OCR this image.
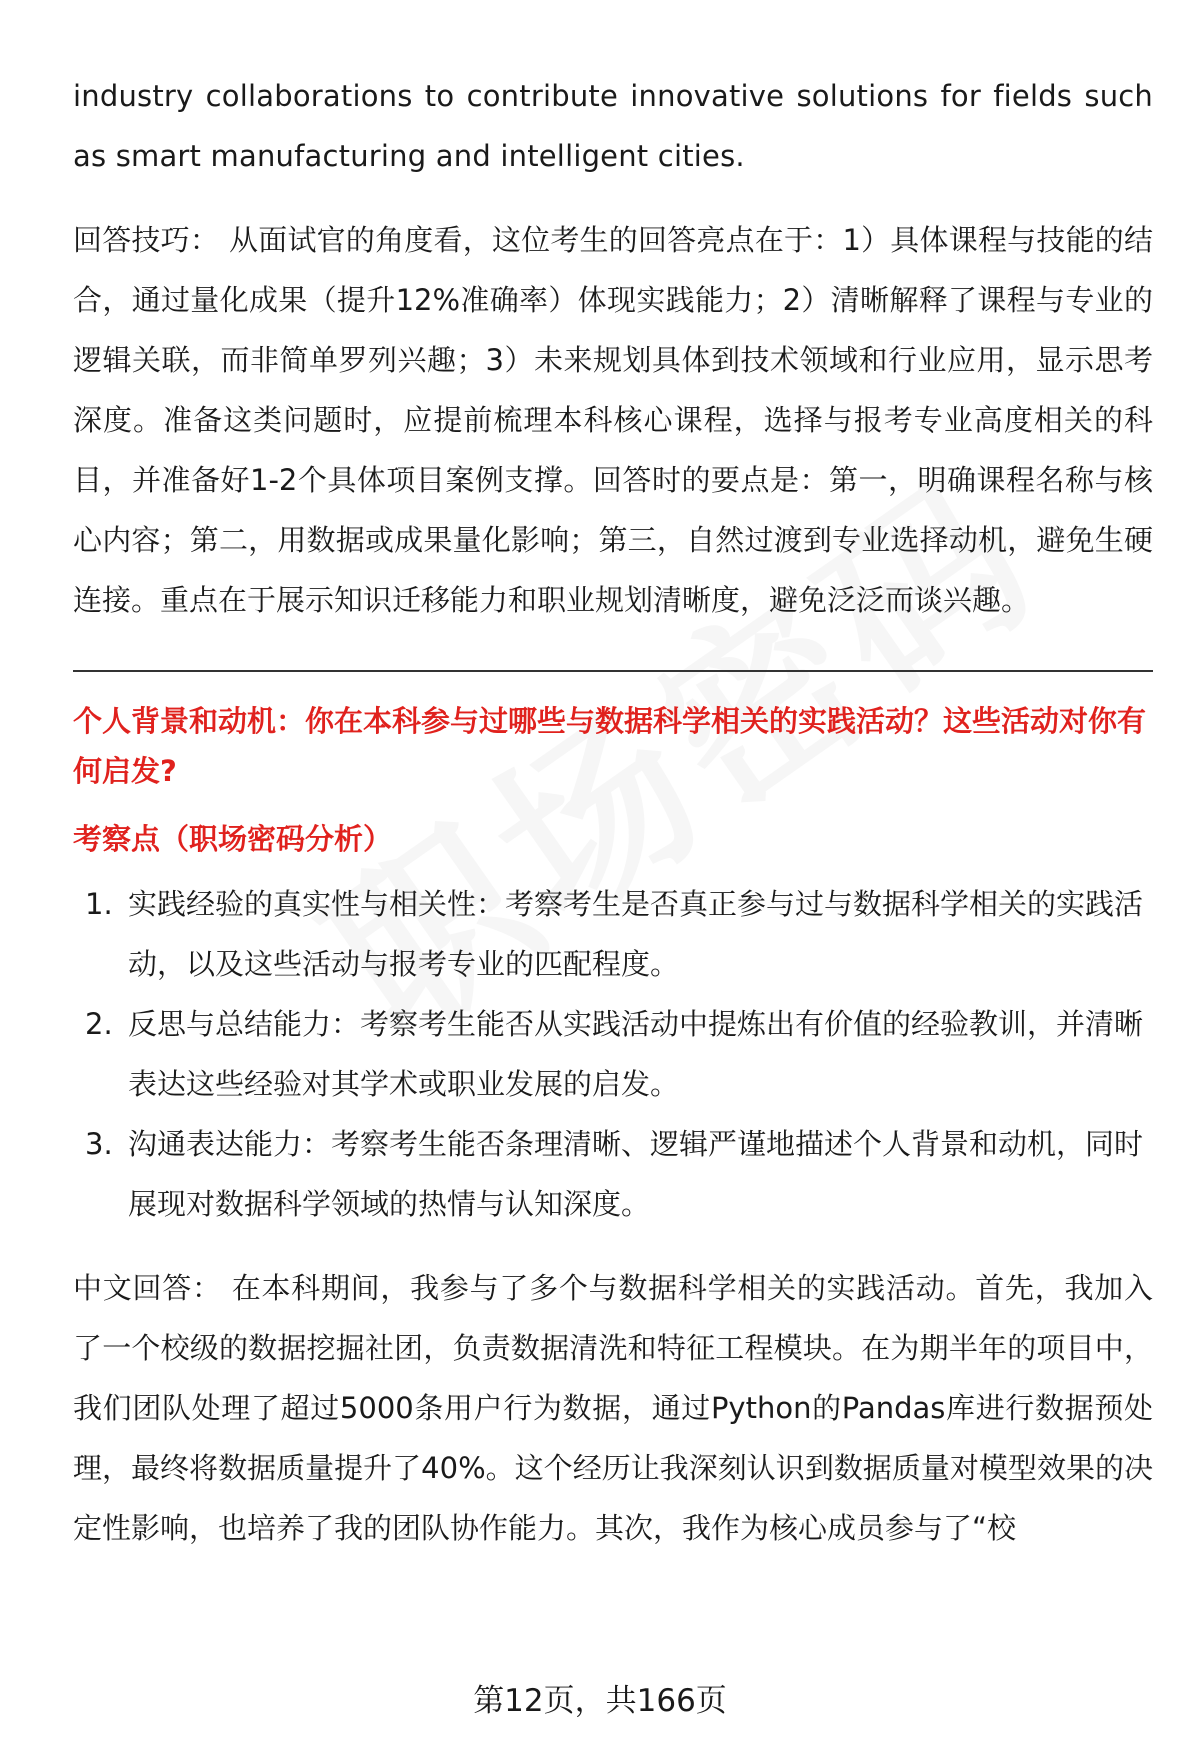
industry collaborations to contribute innovative solutions for fields such as smart manufacturing and intelligent cities.

回答技巧： 从面试官的角度看，这位考生的回答亮点在于：1）具体课程与技能的结合，通过量化成果（提升12%准确率）体现实践能力；2）清晰解释了课程与专业的逻辑关联，而非简单罗列兴趣；3）未来规划具体到技术领域和行业应用，显示思考深度。准备这类问题时，应提前梳理本科核心课程，选择与报考专业高度相关的科目，并准备好1-2个具体项目案例支撑。回答时的要点是：第一，明确课程名称与核心内容；第二，用数据或成果量化影响；第三，自然过渡到专业选择动机，避免生硬连接。重点在于展示知识迁移能力和职业规划清晰度，避免泛泛而谈兴趣。

个人背景和动机：你在本科参与过哪些与数据科学相关的实践活动？这些活动对你有何启发?

考察点（职场密码分析）

1. 实践经验的真实性与相关性：考察考生是否真正参与过与数据科学相关的实践活动，以及这些活动与报考专业的匹配程度。
2. 反思与总结能力：考察考生能否从实践活动中提炼出有价值的经验教训，并清晰表达这些经验对其学术或职业发展的启发。
3. 沟通表达能力：考察考生能否条理清晰、逻辑严谨地描述个人背景和动机，同时展现对数据科学领域的热情与认知深度。

中文回答： 在本科期间，我参与了多个与数据科学相关的实践活动。首先，我加入了一个校级的数据挖掘社团，负责数据清洗和特征工程模块。在为期半年的项目中，我们团队处理了超过5000条用户行为数据，通过Python的Pandas库进行数据预处理，最终将数据质量提升了40%。这个经历让我深刻认识到数据质量对模型效果的决定性影响，也培养了我的团队协作能力。其次，我作为核心成员参与了“校

第12页，共166页
